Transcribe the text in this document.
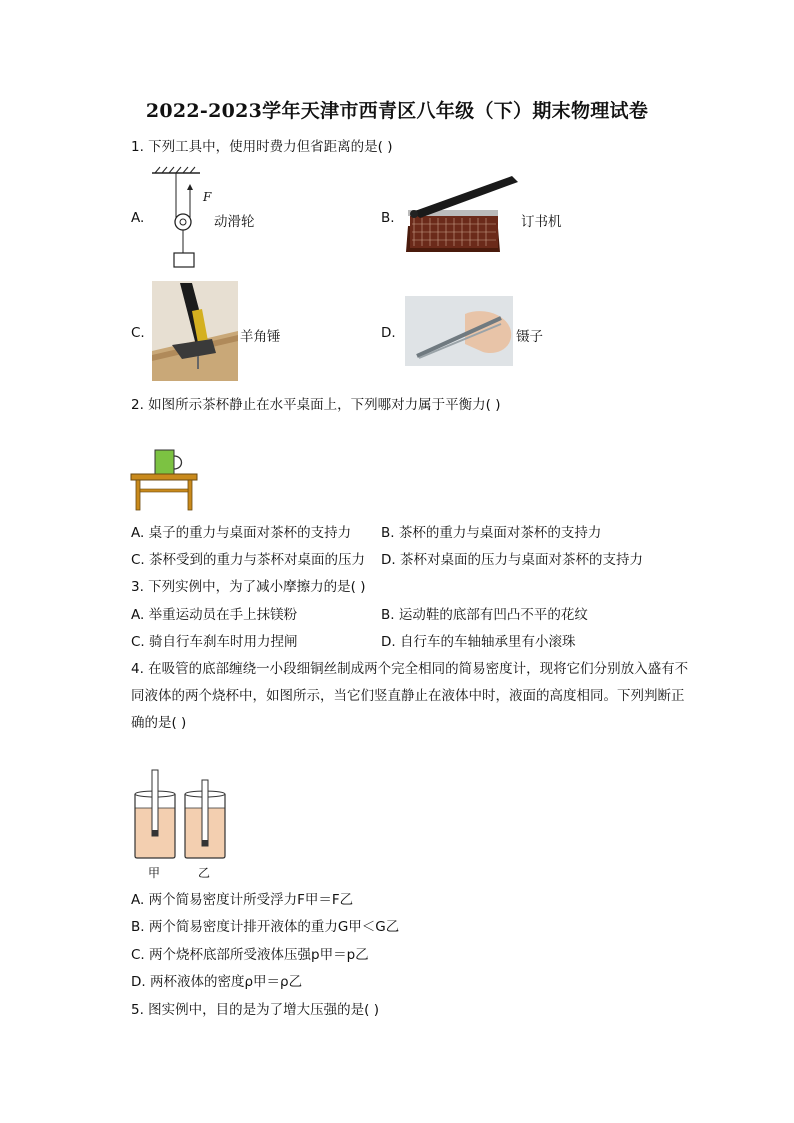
2022-2023学年天津市西青区八年级（下）期末物理试卷
1. 下列工具中，使用时费力但省距离的是( )
A.
F
动滑轮	B.	订书机
C.	羊角锤	D.	镊子
2. 如图所示茶杯静止在水平桌面上，下列哪对力属于平衡力( )
A. 桌子的重力与桌面对茶杯的支持力 B. 茶杯的重力与桌面对茶杯的支持力
C. 茶杯受到的重力与茶杯对桌面的压力 D. 茶杯对桌面的压力与桌面对茶杯的支持力
3. 下列实例中，为了减小摩擦力的是( )
A. 举重运动员在手上抹镁粉	B. 运动鞋的底部有凹凸不平的花纹
C. 骑自行车刹车时用力捏闸	D. 自行车的车轴轴承里有小滚珠
4. 在吸管的底部缠绕一小段细铜丝制成两个完全相同的简易密度计，现将它们分别放入盛有不同液体的两个烧杯中，如图所示，当它们竖直静止在液体中时，液面的高度相同。下列判断正确的是( )
甲	乙
A. 两个简易密度计所受浮力F甲＝F乙
B. 两个简易密度计排开液体的重力G甲＜G乙
C. 两个烧杯底部所受液体压强p甲＝p乙
D. 两杯液体的密度ρ甲＝ρ乙
5. 图实例中，目的是为了增大压强的是( )
